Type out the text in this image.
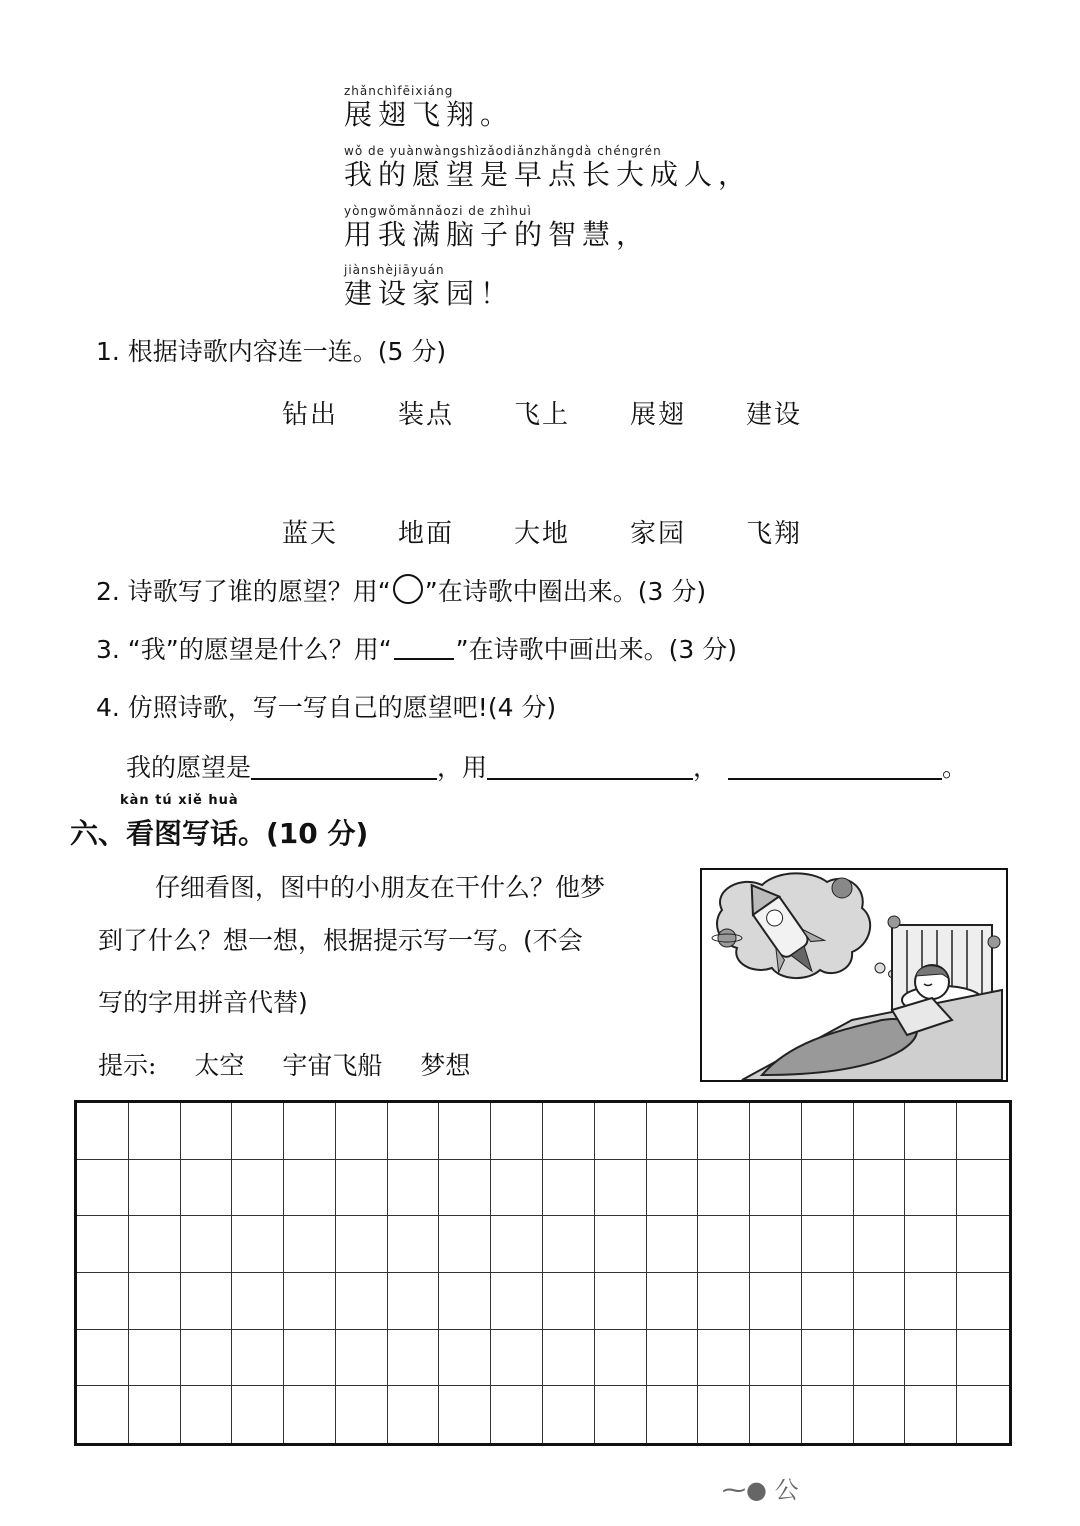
zhǎnchìfēixiáng
展翅飞翔。
wǒ de yuànwàngshìzǎodiǎnzhǎngdà chéngrén
我的愿望是早点长大成人，
yòngwǒmǎnnǎozi de zhìhuì
用我满脑子的智慧，
jiànshèjiāyuán
建设家园！
1. 根据诗歌内容连一连。(5 分)
钻出 装点 飞上 展翅 建设
蓝天 地面 大地 家园 飞翔
2. 诗歌写了谁的愿望？用“ ”在诗歌中圈出来。(3 分)
3. “我”的愿望是什么？用“	”在诗歌中画出来。(3 分)
4. 仿照诗歌，写一写自己的愿望吧!(4 分)
我的愿望是	，用	，	。
kàn tú xiě huà
六、看图写话。(10 分)
仔细看图，图中的小朋友在干什么？他梦
到了什么？想一想，根据提示写一写。(不会
写的字用拼音代替)
提示: 太空 宇宙飞船 梦想
⁓● 公
